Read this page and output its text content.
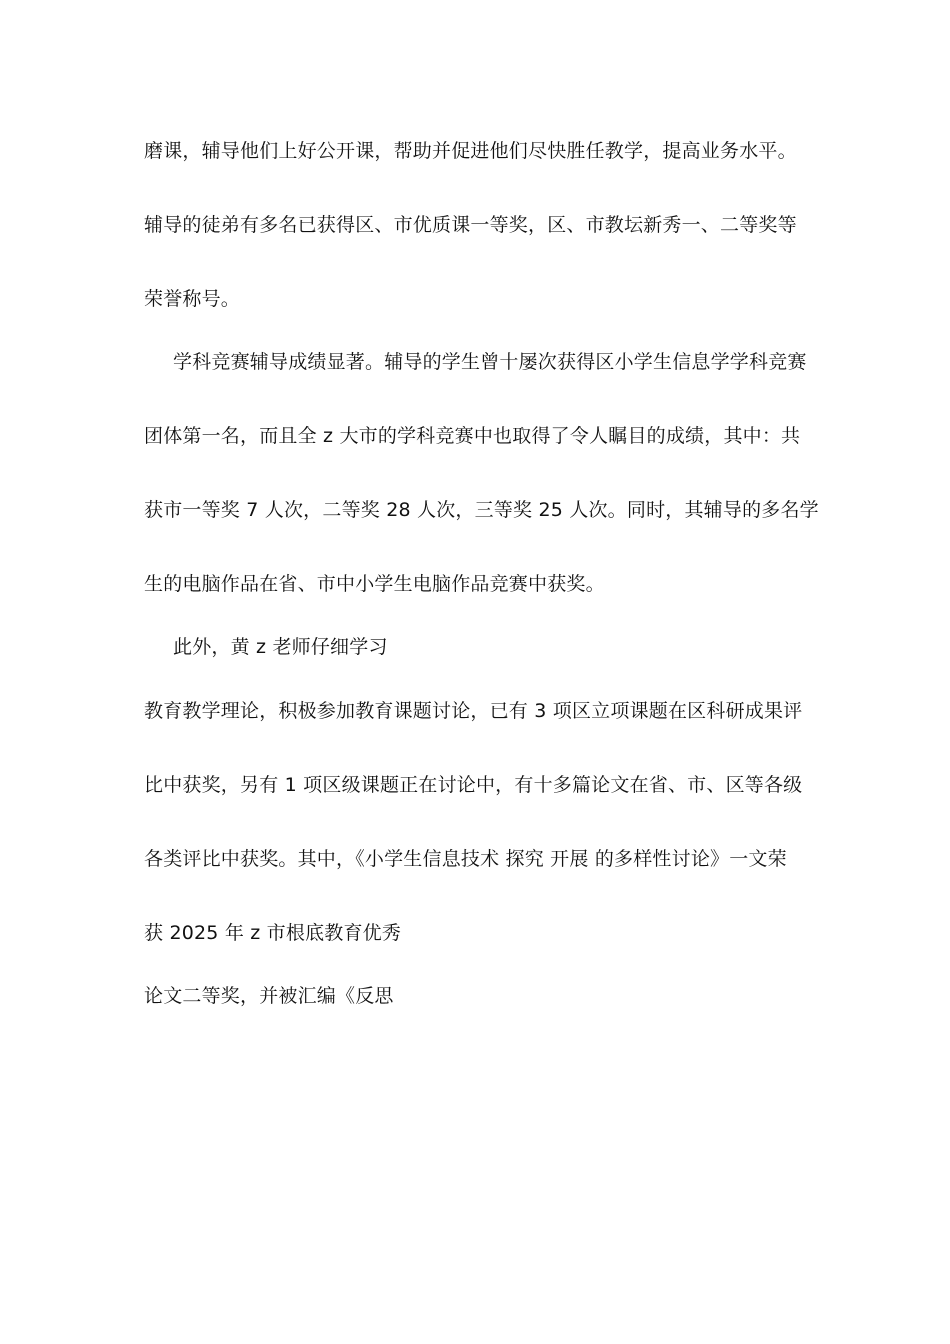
磨课，辅导他们上好公开课，帮助并促进他们尽快胜任教学，提高业务水平。
辅导的徒弟有多名已获得区、市优质课一等奖，区、市教坛新秀一、二等奖等
荣誉称号。
学科竞赛辅导成绩显著。辅导的学生曾十屡次获得区小学生信息学学科竞赛
团体第一名，而且全 z 大市的学科竞赛中也取得了令人瞩目的成绩，其中：共
获市一等奖 7 人次，二等奖 28 人次，三等奖 25 人次。同时，其辅导的多名学
生的电脑作品在省、市中小学生电脑作品竞赛中获奖。
此外，黄 z 老师仔细学习
教育教学理论，积极参加教育课题讨论，已有 3 项区立项课题在区科研成果评
比中获奖，另有 1 项区级课题正在讨论中，有十多篇论文在省、市、区等各级
各类评比中获奖。其中，《小学生信息技术 探究 开展 的多样性讨论》一文荣
获 2025 年 z 市根底教育优秀
论文二等奖，并被汇编《反思
